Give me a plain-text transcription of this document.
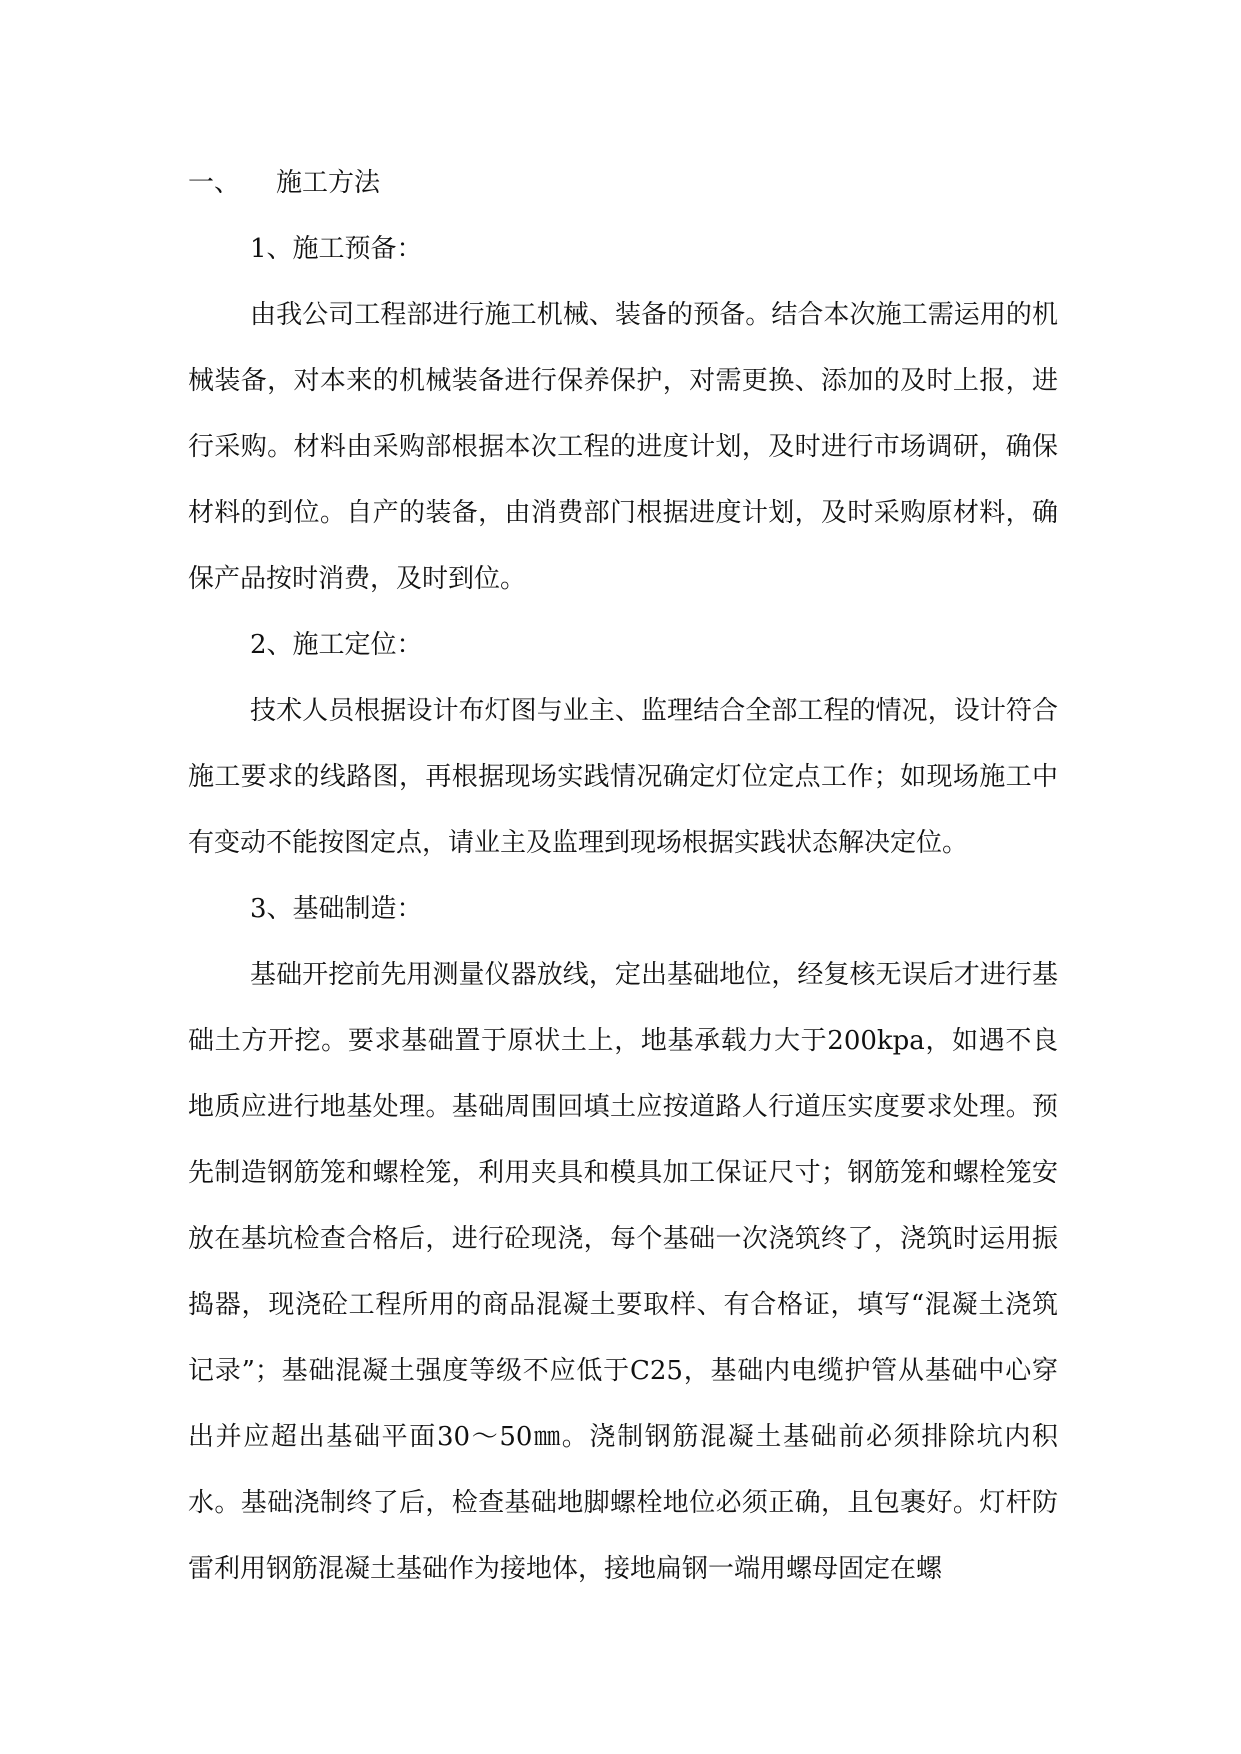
一、	施工方法

1、施工预备：

由我公司工程部进行施工机械、装备的预备。结合本次施工需运用的机械装备，对本来的机械装备进行保养保护，对需更换、添加的及时上报，进行采购。材料由采购部根据本次工程的进度计划，及时进行市场调研，确保材料的到位。自产的装备，由消费部门根据进度计划，及时采购原材料，确保产品按时消费，及时到位。

2、施工定位：

技术人员根据设计布灯图与业主、监理结合全部工程的情况，设计符合施工要求的线路图，再根据现场实践情况确定灯位定点工作；如现场施工中有变动不能按图定点，请业主及监理到现场根据实践状态解决定位。

3、基础制造：

基础开挖前先用测量仪器放线，定出基础地位，经复核无误后才进行基础土方开挖。要求基础置于原状土上，地基承载力大于200kpa，如遇不良地质应进行地基处理。基础周围回填土应按道路人行道压实度要求处理。预先制造钢筋笼和螺栓笼，利用夹具和模具加工保证尺寸；钢筋笼和螺栓笼安放在基坑检查合格后，进行砼现浇，每个基础一次浇筑终了，浇筑时运用振捣器，现浇砼工程所用的商品混凝土要取样、有合格证，填写“混凝土浇筑记录”；基础混凝土强度等级不应低于C25，基础内电缆护管从基础中心穿出并应超出基础平面30～50㎜。浇制钢筋混凝土基础前必须排除坑内积水。基础浇制终了后，检查基础地脚螺栓地位必须正确，且包裹好。灯杆防雷利用钢筋混凝土基础作为接地体，接地扁钢一端用螺母固定在螺
